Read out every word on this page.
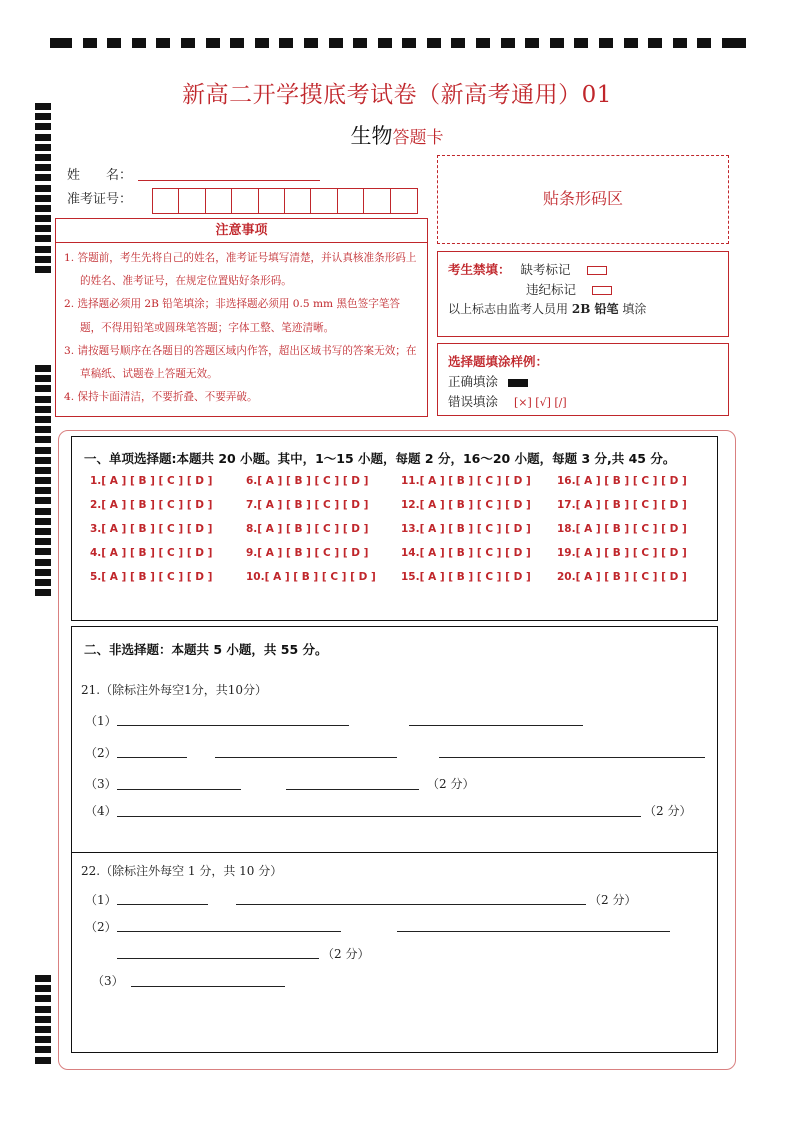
新高二开学摸底考试卷（新高考通用）01
生物答题卡
姓　　名：
准考证号：
注意事项
1. 答题前，考生先将自己的姓名，准考证号填写清楚，并认真核准条形码上的姓名、准考证号，在规定位置贴好条形码。
2. 选择题必须用 2B 铅笔填涂；非选择题必须用 0.5 mm 黑色签字笔答题，不得用铅笔或圆珠笔答题；字体工整、笔迹清晰。
3. 请按题号顺序在各题目的答题区域内作答，超出区域书写的答案无效；在草稿纸、试题卷上答题无效。
4. 保持卡面清洁，不要折叠、不要弄破。
贴条形码区
考生禁填： 缺考标记
违纪标记
以上标志由监考人员用 2B 铅笔 填涂
选择题填涂样例：
正确填涂
错误填涂 [×] [√] [/]
一、单项选择题:本题共 20 小题。其中，1～15 小题，每题 2 分，16～20 小题，每题 3 分,共 45 分。
1.[ A ] [ B ] [ C ] [ D ]
2.[ A ] [ B ] [ C ] [ D ]
3.[ A ] [ B ] [ C ] [ D ]
4.[ A ] [ B ] [ C ] [ D ]
5.[ A ] [ B ] [ C ] [ D ]
6.[ A ] [ B ] [ C ] [ D ]
7.[ A ] [ B ] [ C ] [ D ]
8.[ A ] [ B ] [ C ] [ D ]
9.[ A ] [ B ] [ C ] [ D ]
10.[ A ] [ B ] [ C ] [ D ]
11.[ A ] [ B ] [ C ] [ D ]
12.[ A ] [ B ] [ C ] [ D ]
13.[ A ] [ B ] [ C ] [ D ]
14.[ A ] [ B ] [ C ] [ D ]
15.[ A ] [ B ] [ C ] [ D ]
16.[ A ] [ B ] [ C ] [ D ]
17.[ A ] [ B ] [ C ] [ D ]
18.[ A ] [ B ] [ C ] [ D ]
19.[ A ] [ B ] [ C ] [ D ]
20.[ A ] [ B ] [ C ] [ D ]
二、非选择题：本题共 5 小题，共 55 分。
21.（除标注外每空1分，共10分）
（1）
（2）
（3）	（2 分）
（4）	（2 分）
22.（除标注外每空 1 分，共 10 分）
（1）	（2 分）
（2）
（2 分）
（3）
